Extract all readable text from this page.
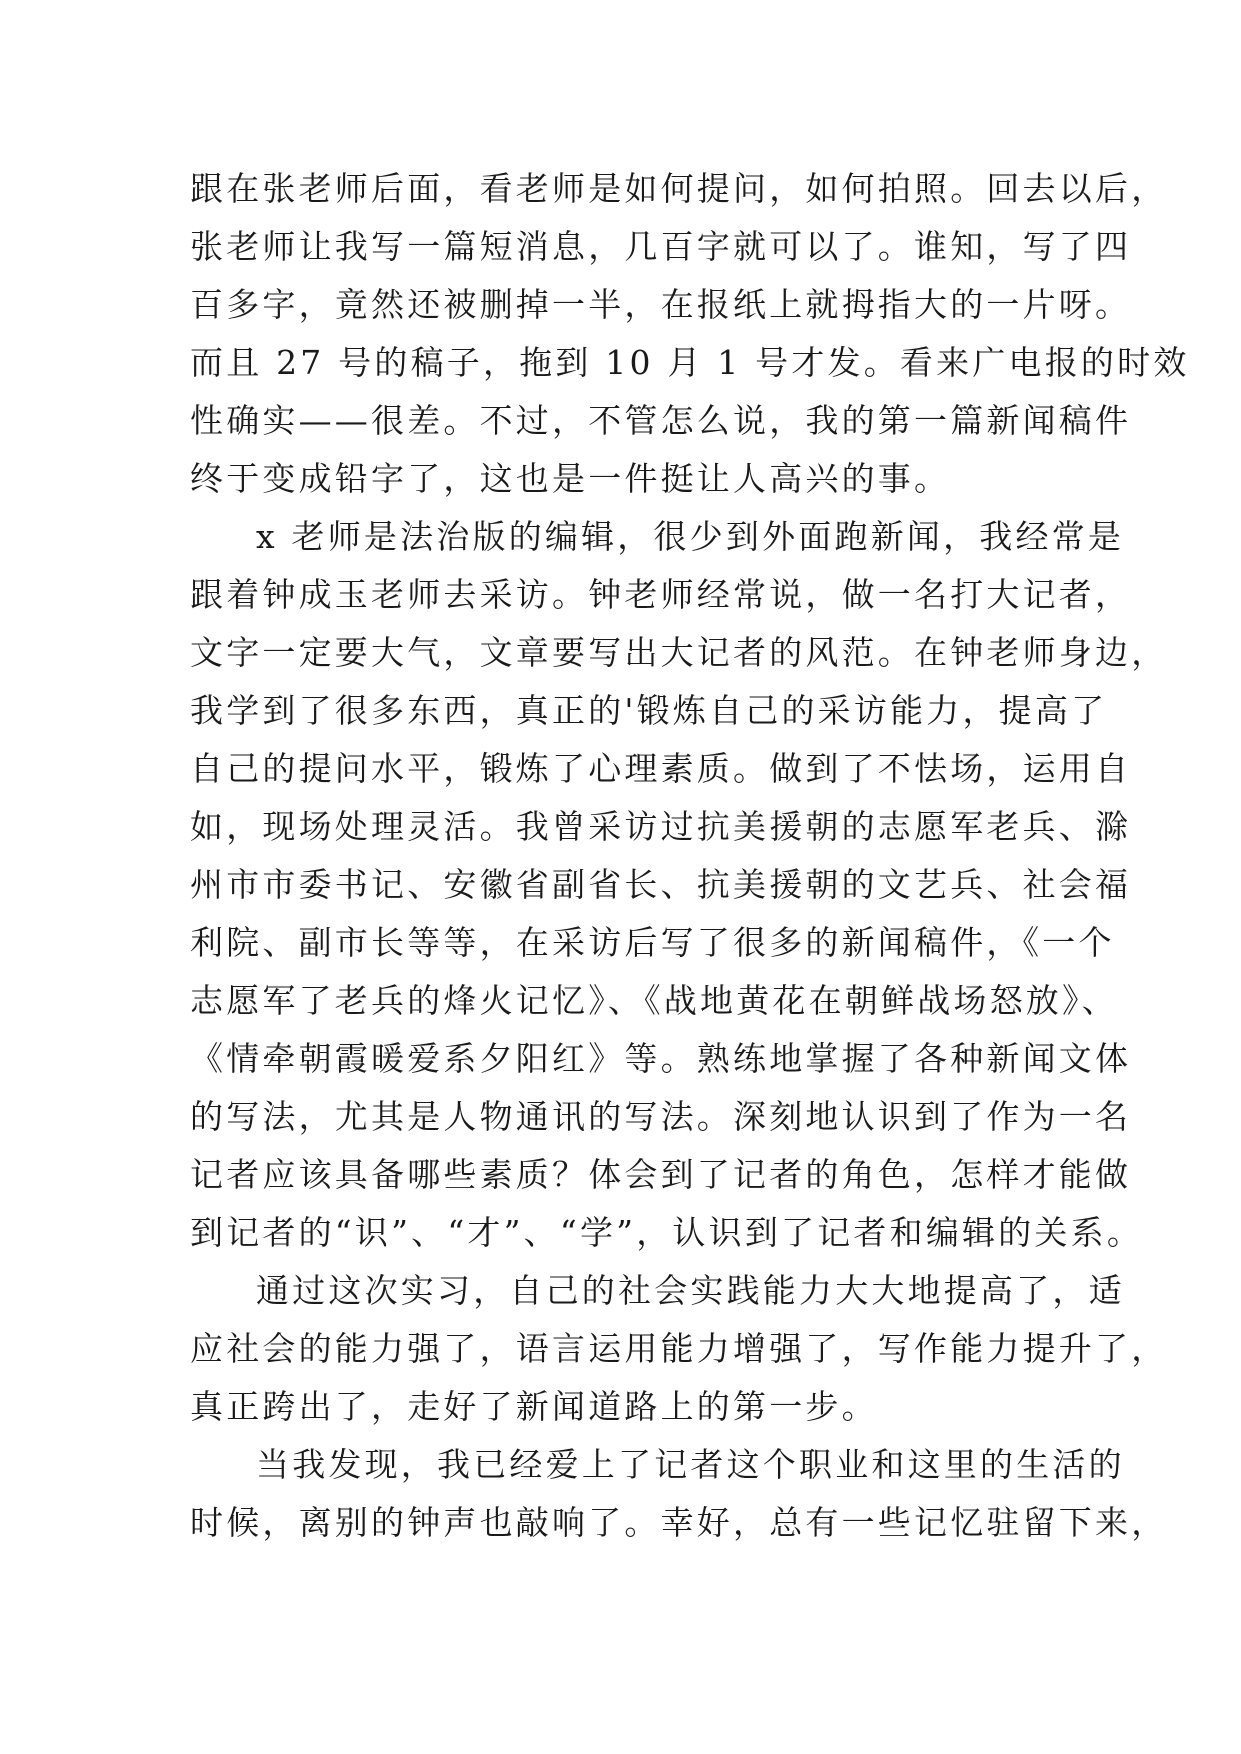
跟在张老师后面，看老师是如何提问，如何拍照。回去以后，
张老师让我写一篇短消息，几百字就可以了。谁知，写了四
百多字，竟然还被删掉一半，在报纸上就拇指大的一片呀。
而且 27 号的稿子，拖到 10 月 1 号才发。看来广电报的时效
性确实——很差。不过，不管怎么说，我的第一篇新闻稿件
终于变成铅字了，这也是一件挺让人高兴的事。
x 老师是法治版的编辑，很少到外面跑新闻，我经常是
跟着钟成玉老师去采访。钟老师经常说，做一名打大记者，
文字一定要大气，文章要写出大记者的风范。在钟老师身边，
我学到了很多东西，真正的'锻炼自己的采访能力，提高了
自己的提问水平，锻炼了心理素质。做到了不怯场，运用自
如，现场处理灵活。我曾采访过抗美援朝的志愿军老兵、滁
州市市委书记、安徽省副省长、抗美援朝的文艺兵、社会福
利院、副市长等等，在采访后写了很多的新闻稿件，《一个
志愿军了老兵的烽火记忆》、《战地黄花在朝鲜战场怒放》、
《情牵朝霞暖爱系夕阳红》等。熟练地掌握了各种新闻文体
的写法，尤其是人物通讯的写法。深刻地认识到了作为一名
记者应该具备哪些素质？体会到了记者的角色，怎样才能做
到记者的“识”、“才”、“学”，认识到了记者和编辑的关系。
通过这次实习，自己的社会实践能力大大地提高了，适
应社会的能力强了，语言运用能力增强了，写作能力提升了，
真正跨出了，走好了新闻道路上的第一步。
当我发现，我已经爱上了记者这个职业和这里的生活的
时候，离别的钟声也敲响了。幸好，总有一些记忆驻留下来，
